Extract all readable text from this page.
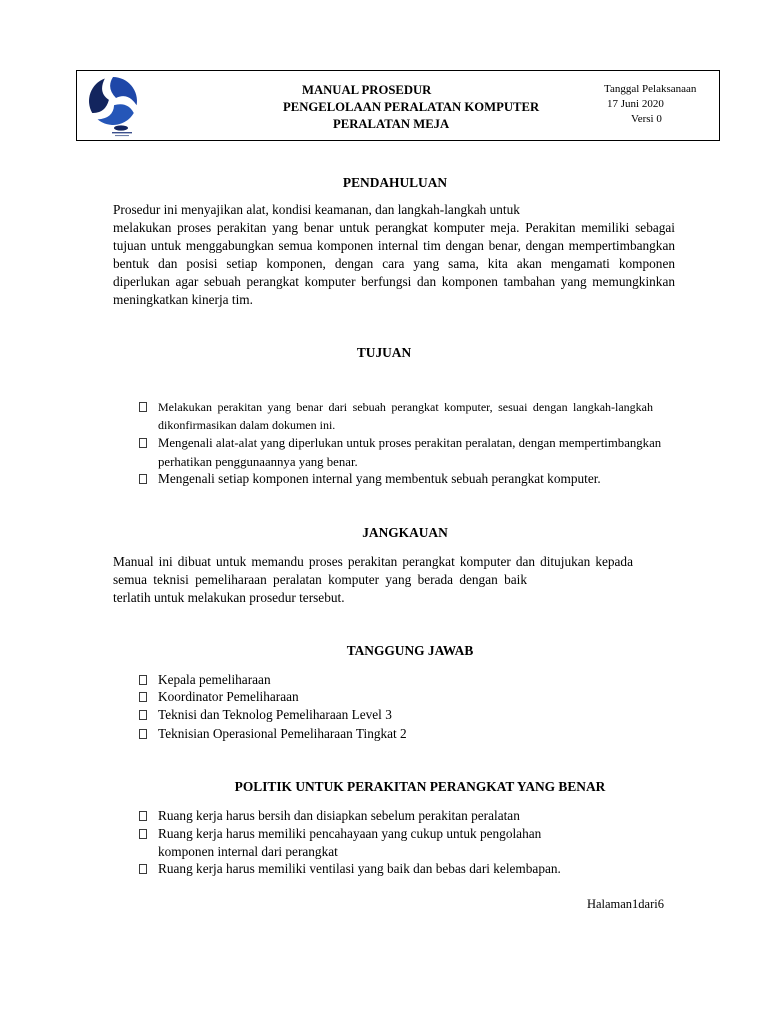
MANUAL PROSEDUR
PENGELOLAAN PERALATAN KOMPUTER
PERALATAN MEJA
Tanggal Pelaksanaan
17 Juni 2020
Versi 0
PENDAHULUAN

Prosedur ini menyajikan alat, kondisi keamanan, dan langkah-langkah untuk

melakukan proses perakitan yang benar untuk perangkat komputer meja. Perakitan memiliki sebagai

tujuan untuk menggabungkan semua komponen internal tim dengan benar, dengan mempertimbangkan

bentuk dan posisi setiap komponen, dengan cara yang sama, kita akan mengamati komponen

diperlukan agar sebuah perangkat komputer berfungsi dan komponen tambahan yang memungkinkan

meningkatkan kinerja tim.

TUJUAN
Melakukan perakitan yang benar dari sebuah perangkat komputer, sesuai dengan langkah-langkah
dikonfirmasikan dalam dokumen ini.
Mengenali alat-alat yang diperlukan untuk proses perakitan peralatan, dengan mempertimbangkan
perhatikan penggunaannya yang benar.
Mengenali setiap komponen internal yang membentuk sebuah perangkat komputer.
JANGKAUAN

Manual ini dibuat untuk memandu proses perakitan perangkat komputer dan ditujukan kepada

semua teknisi pemeliharaan peralatan komputer yang berada dengan baik

terlatih untuk melakukan prosedur tersebut.

TANGGUNG JAWAB
Kepala pemeliharaan
Koordinator Pemeliharaan
Teknisi dan Teknolog Pemeliharaan Level 3
Teknisian Operasional Pemeliharaan Tingkat 2
POLITIK UNTUK PERAKITAN PERANGKAT YANG BENAR
Ruang kerja harus bersih dan disiapkan sebelum perakitan peralatan
Ruang kerja harus memiliki pencahayaan yang cukup untuk pengolahan
komponen internal dari perangkat
Ruang kerja harus memiliki ventilasi yang baik dan bebas dari kelembapan.
Halaman1dari6
